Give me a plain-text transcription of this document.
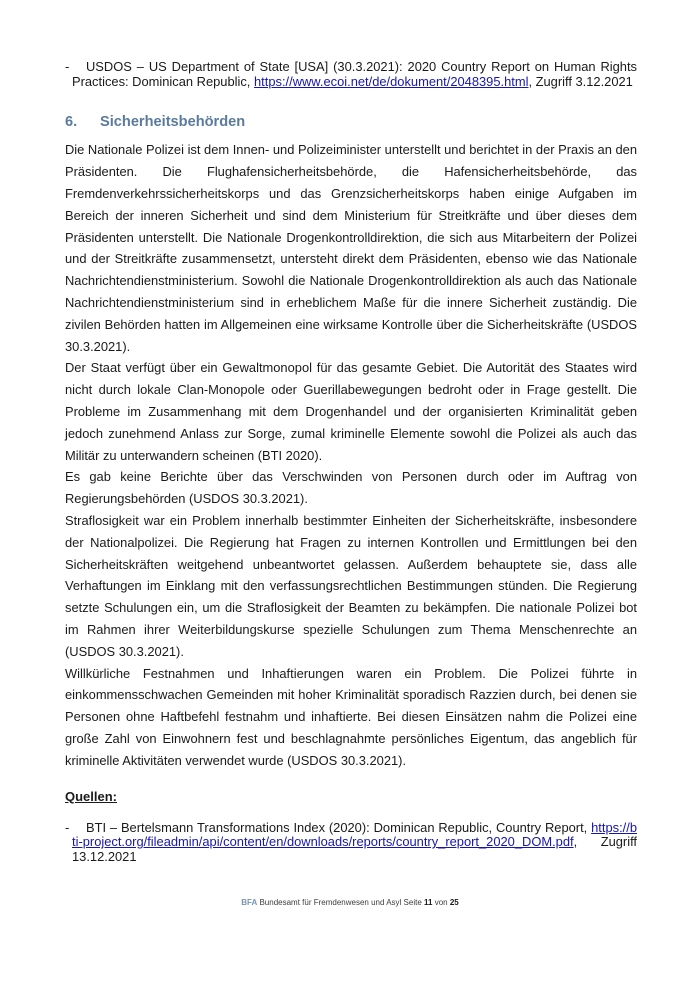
- USDOS – US Department of State [USA] (30.3.2021): 2020 Country Report on Human Rights Practices: Dominican Republic, https://www.ecoi.net/de/dokument/2048395.html, Zugriff 3.12.2021

6. Sicherheitsbehörden

Die Nationale Polizei ist dem Innen- und Polizeiminister unterstellt und berichtet in der Praxis an den Präsidenten. Die Flughafensicherheitsbehörde, die Hafensicherheitsbehörde, das Fremdenverkehrssicherheitskorps und das Grenzsicherheitskorps haben einige Aufgaben im Bereich der inneren Sicherheit und sind dem Ministerium für Streitkräfte und über dieses dem Präsidenten unterstellt. Die Nationale Drogenkontrolldirektion, die sich aus Mitarbeitern der Polizei und der Streitkräfte zusammensetzt, untersteht direkt dem Präsidenten, ebenso wie das Nationale Nachrichtendienstministerium. Sowohl die Nationale Drogenkontrolldirektion als auch das Nationale Nachrichtendienstministerium sind in erheblichem Maße für die innere Sicherheit zuständig. Die zivilen Behörden hatten im Allgemeinen eine wirksame Kontrolle über die Sicherheitskräfte (USDOS 30.3.2021).

Der Staat verfügt über ein Gewaltmonopol für das gesamte Gebiet. Die Autorität des Staates wird nicht durch lokale Clan-Monopole oder Guerillabewegungen bedroht oder in Frage gestellt. Die Probleme im Zusammenhang mit dem Drogenhandel und der organisierten Kriminalität geben jedoch zunehmend Anlass zur Sorge, zumal kriminelle Elemente sowohl die Polizei als auch das Militär zu unterwandern scheinen (BTI 2020).

Es gab keine Berichte über das Verschwinden von Personen durch oder im Auftrag von Regierungsbehörden (USDOS 30.3.2021).

Straflosigkeit war ein Problem innerhalb bestimmter Einheiten der Sicherheitskräfte, insbesondere der Nationalpolizei. Die Regierung hat Fragen zu internen Kontrollen und Ermittlungen bei den Sicherheitskräften weitgehend unbeantwortet gelassen. Außerdem behauptete sie, dass alle Verhaftungen im Einklang mit den verfassungsrechtlichen Bestimmungen stünden. Die Regierung setzte Schulungen ein, um die Straflosigkeit der Beamten zu bekämpfen. Die nationale Polizei bot im Rahmen ihrer Weiterbildungskurse spezielle Schulungen zum Thema Menschenrechte an (USDOS 30.3.2021).

Willkürliche Festnahmen und Inhaftierungen waren ein Problem. Die Polizei führte in einkommensschwachen Gemeinden mit hoher Kriminalität sporadisch Razzien durch, bei denen sie Personen ohne Haftbefehl festnahm und inhaftierte. Bei diesen Einsätzen nahm die Polizei eine große Zahl von Einwohnern fest und beschlagnahmte persönliches Eigentum, das angeblich für kriminelle Aktivitäten verwendet wurde (USDOS 30.3.2021).

Quellen:

- BTI – Bertelsmann Transformations Index (2020): Dominican Republic, Country Report, https://bti-project.org/fileadmin/api/content/en/downloads/reports/country_report_2020_DOM.pdf, Zugriff 13.12.2021

BFA Bundesamt für Fremdenwesen und Asyl Seite 11 von 25
